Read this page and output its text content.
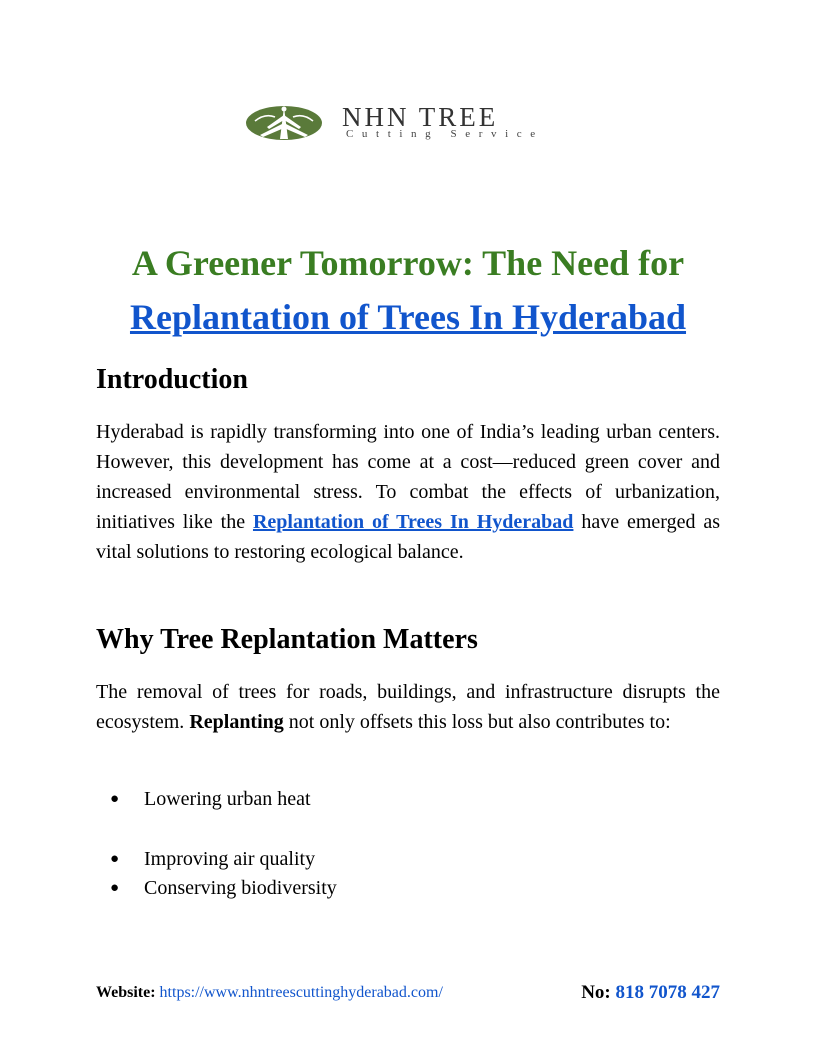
NHN TREE
Cutting Service
A Greener Tomorrow: The Need for
Replantation of Trees In Hyderabad
Introduction

Hyderabad is rapidly transforming into one of India’s leading urban centers. However, this development has come at a cost—reduced green cover and increased environmental stress. To combat the effects of urbanization, initiatives like the Replantation of Trees In Hyderabad have emerged as vital solutions to restoring ecological balance.

Why Tree Replantation Matters

The removal of trees for roads, buildings, and infrastructure disrupts the ecosystem. Replanting not only offsets this loss but also contributes to:

● Lowering urban heat
● Improving air quality
● Conserving biodiversity
Website: https://www.nhntreescuttinghyderabad.com/	No: 818 7078 427
